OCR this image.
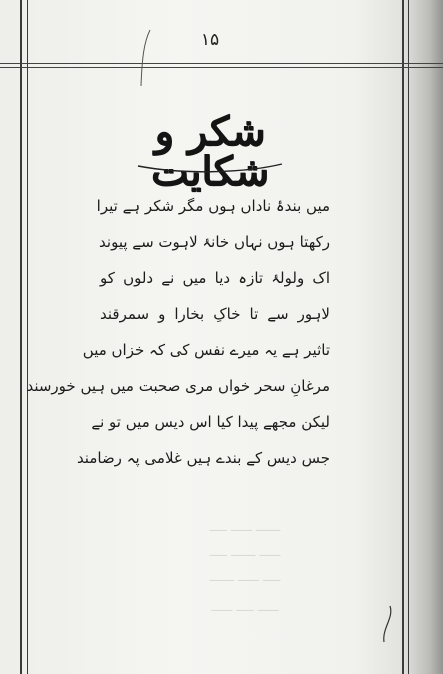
۱۵
شکر و شکایت
میں بندۂ ناداں ہوں مگر شکر ہے تیرا
رکھتا ہوں نہاں خانۂ لاہوت سے پیوند
اک ولولۂ تازہ دیا میں نے دلوں کو
لاہور سے تا خاکِ بخارا و سمرقند
تاثیر ہے یہ میرے نفس کی کہ خزاں میں
مرغانِ سحر خواں مری صحبت میں ہیں خورسند
لیکن مجھے پیدا کیا اس دیس میں تو نے
جس دیس کے بندے ہیں غلامی پہ رضامند
ـــــــ ــــــ ـــــ
ــــــ ـــــــ ـــــ
ـــــ ــــــ ـــــــ
ــــــ ـــــ ــــــ
